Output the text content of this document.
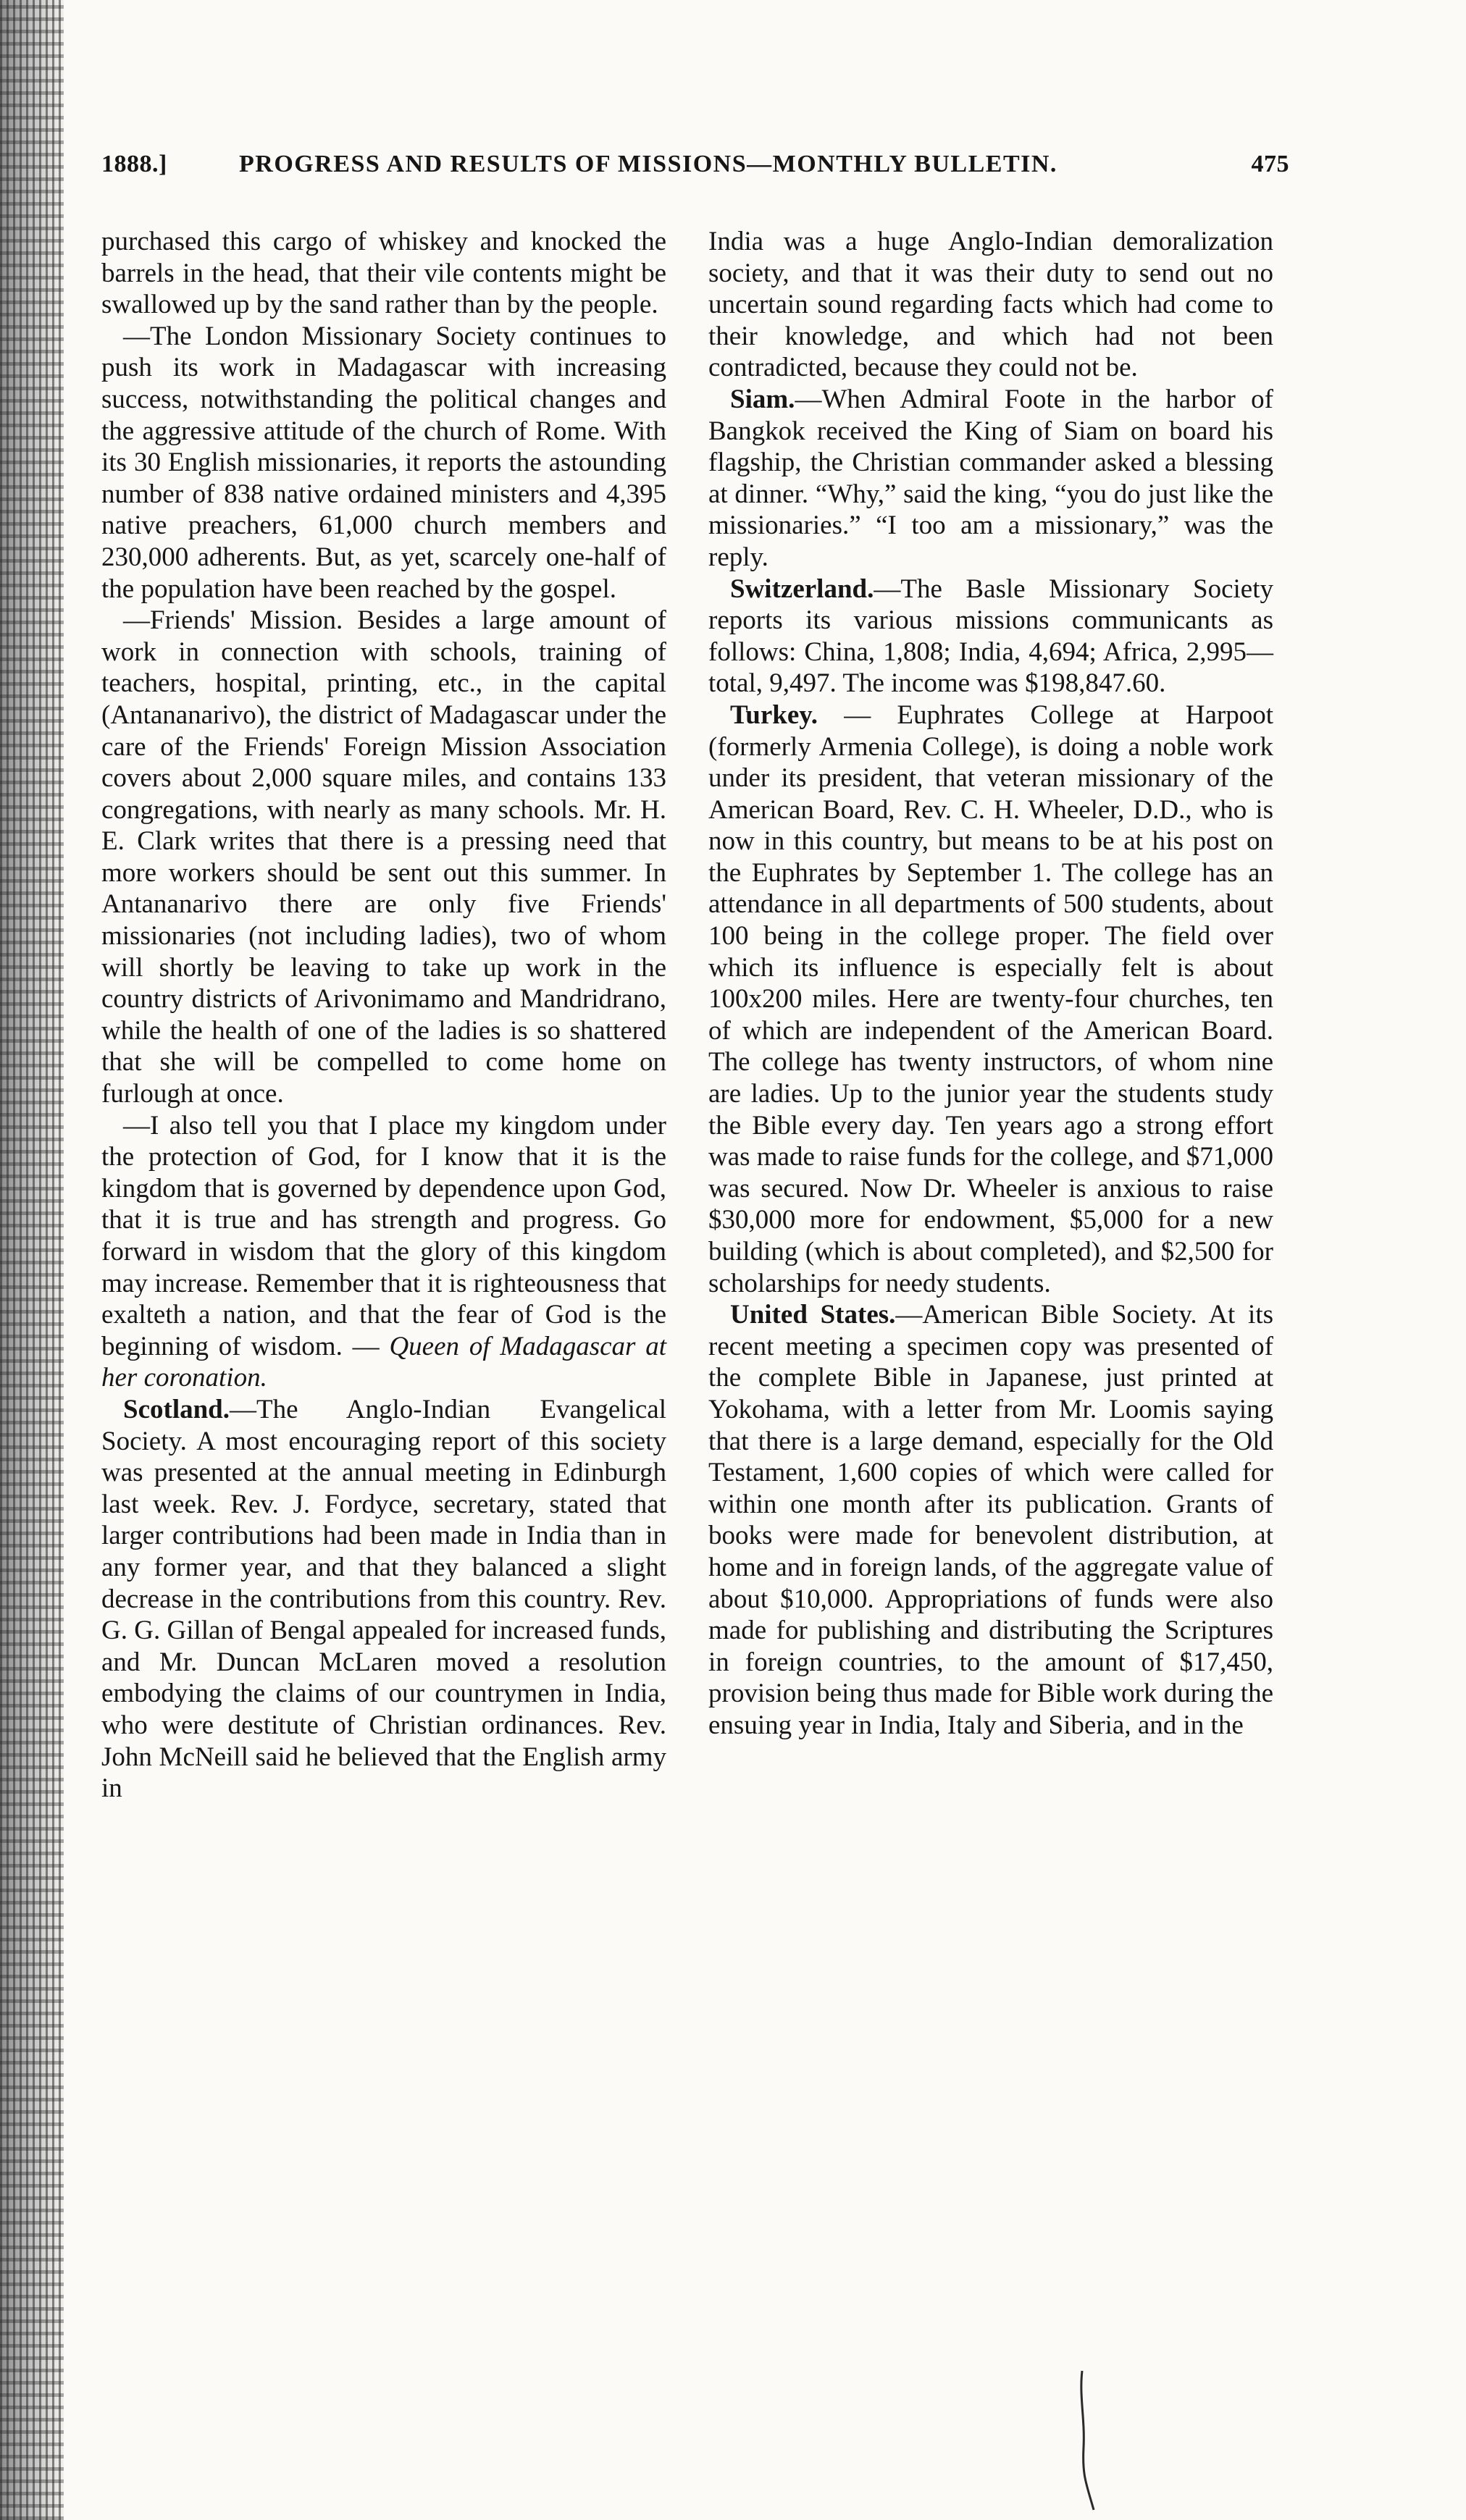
1888.]	PROGRESS AND RESULTS OF MISSIONS—MONTHLY BULLETIN.	475

purchased this cargo of whiskey and knocked the barrels in the head, that their vile contents might be swallowed up by the sand rather than by the people.

—The London Missionary Society continues to push its work in Madagascar with increasing success, notwithstanding the political changes and the aggressive attitude of the church of Rome. With its 30 English missionaries, it reports the astounding number of 838 native ordained ministers and 4,395 native preachers, 61,000 church members and 230,000 adherents. But, as yet, scarcely one-half of the population have been reached by the gospel.

—Friends' Mission. Besides a large amount of work in connection with schools, training of teachers, hospital, printing, etc., in the capital (Antananarivo), the district of Madagascar under the care of the Friends' Foreign Mission Association covers about 2,000 square miles, and contains 133 congregations, with nearly as many schools. Mr. H. E. Clark writes that there is a pressing need that more workers should be sent out this summer. In Antananarivo there are only five Friends' missionaries (not including ladies), two of whom will shortly be leaving to take up work in the country districts of Arivonimamo and Mandridrano, while the health of one of the ladies is so shattered that she will be compelled to come home on furlough at once.

—I also tell you that I place my kingdom under the protection of God, for I know that it is the kingdom that is governed by dependence upon God, that it is true and has strength and progress. Go forward in wisdom that the glory of this kingdom may increase. Remember that it is righteousness that exalteth a nation, and that the fear of God is the beginning of wisdom. — Queen of Madagascar at her coronation.

Scotland.—The Anglo-Indian Evangelical Society. A most encouraging report of this society was presented at the annual meeting in Edinburgh last week. Rev. J. Fordyce, secretary, stated that larger contributions had been made in India than in any former year, and that they balanced a slight decrease in the contributions from this country. Rev. G. G. Gillan of Bengal appealed for increased funds, and Mr. Duncan McLaren moved a resolution embodying the claims of our countrymen in India, who were destitute of Christian ordinances. Rev. John McNeill said he believed that the English army in

India was a huge Anglo-Indian demoralization society, and that it was their duty to send out no uncertain sound regarding facts which had come to their knowledge, and which had not been contradicted, because they could not be.

Siam.—When Admiral Foote in the harbor of Bangkok received the King of Siam on board his flagship, the Christian commander asked a blessing at dinner. “Why,” said the king, “you do just like the missionaries.” “I too am a missionary,” was the reply.

Switzerland.—The Basle Missionary Society reports its various missions communicants as follows: China, 1,808; India, 4,694; Africa, 2,995—total, 9,497. The income was $198,847.60.

Turkey. — Euphrates College at Harpoot (formerly Armenia College), is doing a noble work under its president, that veteran missionary of the American Board, Rev. C. H. Wheeler, D.D., who is now in this country, but means to be at his post on the Euphrates by September 1. The college has an attendance in all departments of 500 students, about 100 being in the college proper. The field over which its influence is especially felt is about 100x200 miles. Here are twenty-four churches, ten of which are independent of the American Board. The college has twenty instructors, of whom nine are ladies. Up to the junior year the students study the Bible every day. Ten years ago a strong effort was made to raise funds for the college, and $71,000 was secured. Now Dr. Wheeler is anxious to raise $30,000 more for endowment, $5,000 for a new building (which is about completed), and $2,500 for scholarships for needy students.

United States.—American Bible Society. At its recent meeting a specimen copy was presented of the complete Bible in Japanese, just printed at Yokohama, with a letter from Mr. Loomis saying that there is a large demand, especially for the Old Testament, 1,600 copies of which were called for within one month after its publication. Grants of books were made for benevolent distribution, at home and in foreign lands, of the aggregate value of about $10,000. Appropriations of funds were also made for publishing and distributing the Scriptures in foreign countries, to the amount of $17,450, provision being thus made for Bible work during the ensuing year in India, Italy and Siberia, and in the
